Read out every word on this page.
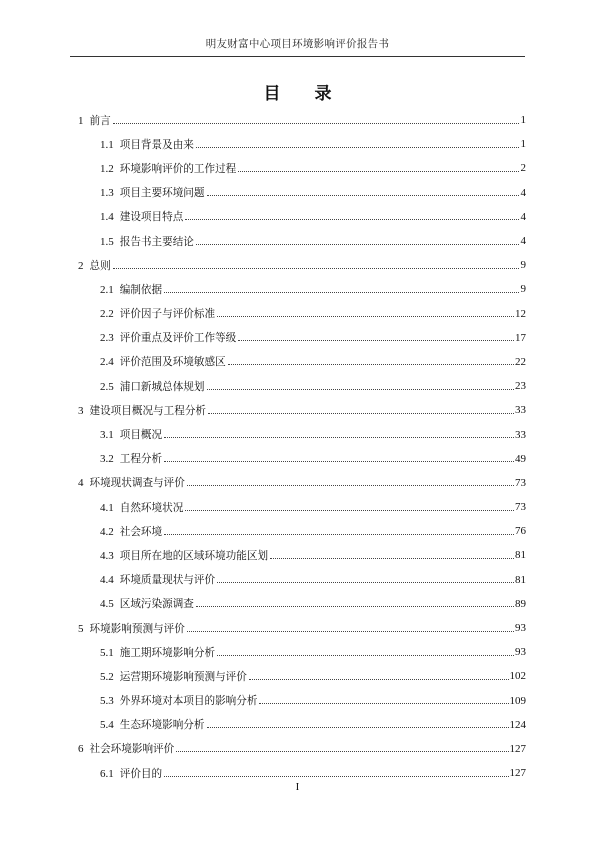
明友财富中心项目环境影响评价报告书
目 录
1 前言	1
1.1 项目背景及由来	1
1.2 环境影响评价的工作过程	2
1.3 项目主要环境问题	4
1.4 建设项目特点	4
1.5 报告书主要结论	4
2 总则	9
2.1 编制依据	9
2.2 评价因子与评价标准	12
2.3 评价重点及评价工作等级	17
2.4 评价范围及环境敏感区	22
2.5 浦口新城总体规划	23
3 建设项目概况与工程分析	33
3.1 项目概况	33
3.2 工程分析	49
4 环境现状调查与评价	73
4.1 自然环境状况	73
4.2 社会环境	76
4.3 项目所在地的区域环境功能区划	81
4.4 环境质量现状与评价	81
4.5 区域污染源调查	89
5 环境影响预测与评价	93
5.1 施工期环境影响分析	93
5.2 运营期环境影响预测与评价	102
5.3 外界环境对本项目的影响分析	109
5.4 生态环境影响分析	124
6 社会环境影响评价	127
6.1 评价目的	127
I
